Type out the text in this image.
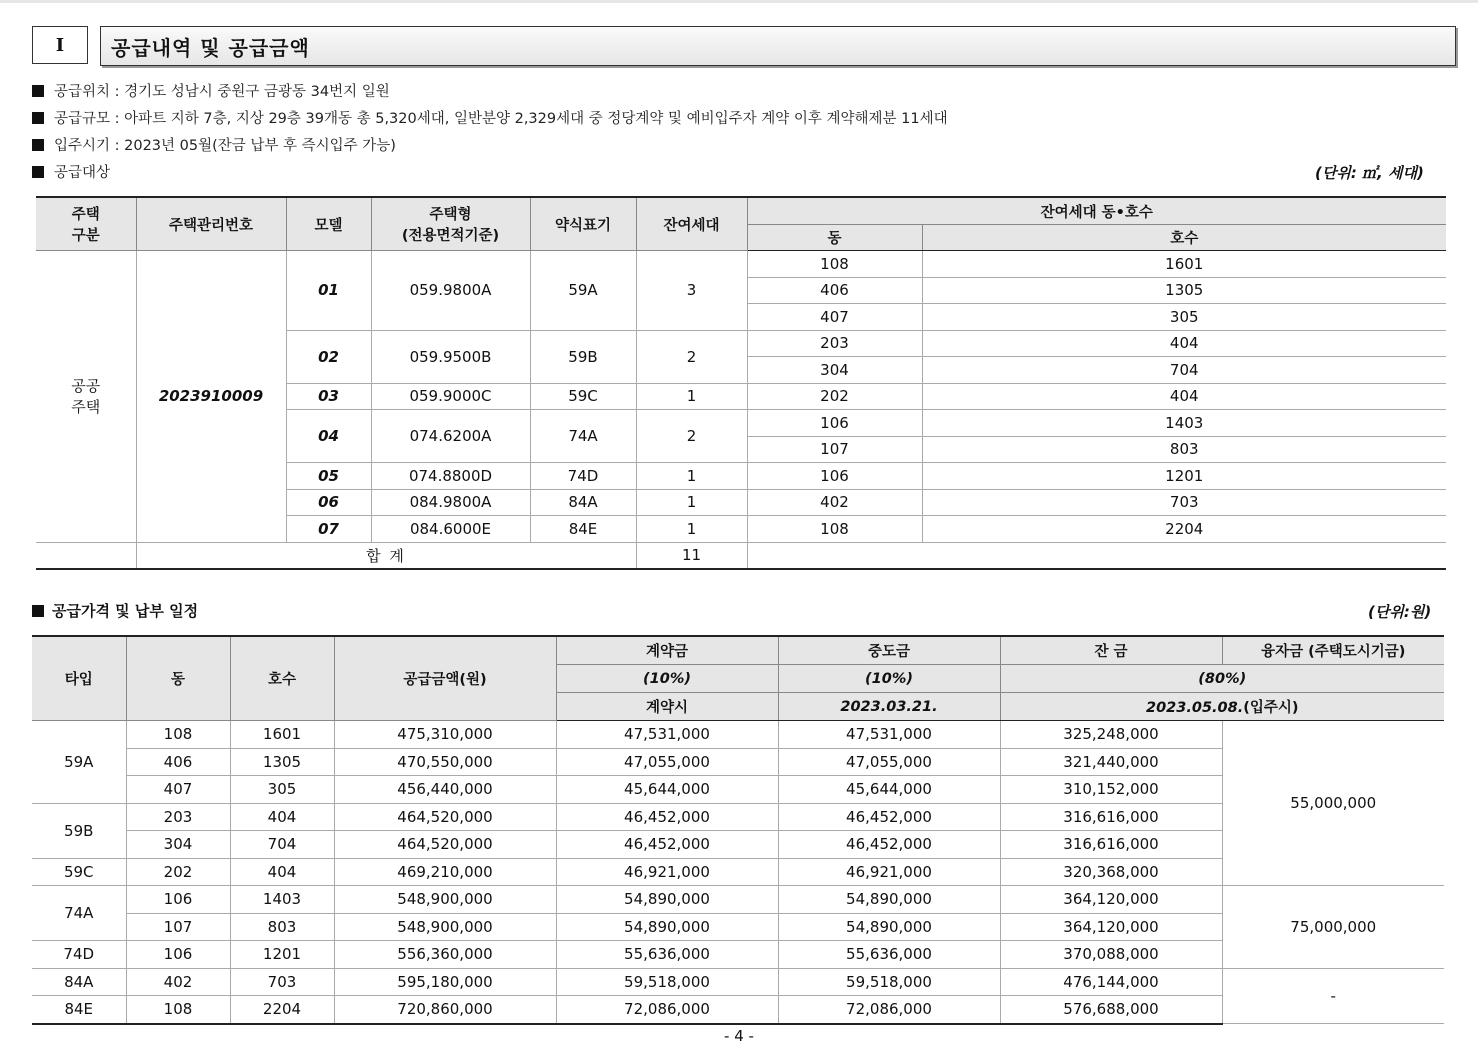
I	공급내역 및 공급금액
공급위치 : 경기도 성남시 중원구 금광동 34번지 일원
공급규모 : 아파트 지하 7층, 지상 29층 39개동 총 5,320세대, 일반분양 2,329세대 중 정당계약 및 예비입주자 계약 이후 계약해제분 11세대
입주시기 : 2023년 05월(잔금 납부 후 즉시입주 가능)
공급대상	(단위: ㎡, 세대)
주택
구분	주택관리번호	모델	주택형
(전용면적기준)	약식표기	잔여세대	잔여세대 동•호수	
						동	호수
공공
주택	2023910009	01	059.9800A	59A	3	108	1601
						406	1305
						407	305
		02	059.9500B	59B	2	203	404
						304	704
		03	059.9000C	59C	1	202	404
		04	074.6200A	74A	2	106	1403
						107	803
		05	074.8800D	74D	1	106	1201
		06	084.9800A	84A	1	402	703
		07	084.6000E	84E	1	108	2204
	합 계				11		
공급가격 및 납부 일정	(단위:원)
타입	동	호수	공급금액(원)	계약금	중도금	잔 금	융자금 (주택도시기금)
				(10%)	(10%)	(80%)	
				계약시	2023.03.21.	2023.05.08.(입주시)	
59A	108	1601	475,310,000	47,531,000	47,531,000	325,248,000	55,000,000
	406	1305	470,550,000	47,055,000	47,055,000	321,440,000	
	407	305	456,440,000	45,644,000	45,644,000	310,152,000	
59B	203	404	464,520,000	46,452,000	46,452,000	316,616,000	
	304	704	464,520,000	46,452,000	46,452,000	316,616,000	
59C	202	404	469,210,000	46,921,000	46,921,000	320,368,000	
74A	106	1403	548,900,000	54,890,000	54,890,000	364,120,000	75,000,000
	107	803	548,900,000	54,890,000	54,890,000	364,120,000	
74D	106	1201	556,360,000	55,636,000	55,636,000	370,088,000	
84A	402	703	595,180,000	59,518,000	59,518,000	476,144,000	-
84E	108	2204	720,860,000	72,086,000	72,086,000	576,688,000	
- 4 -
